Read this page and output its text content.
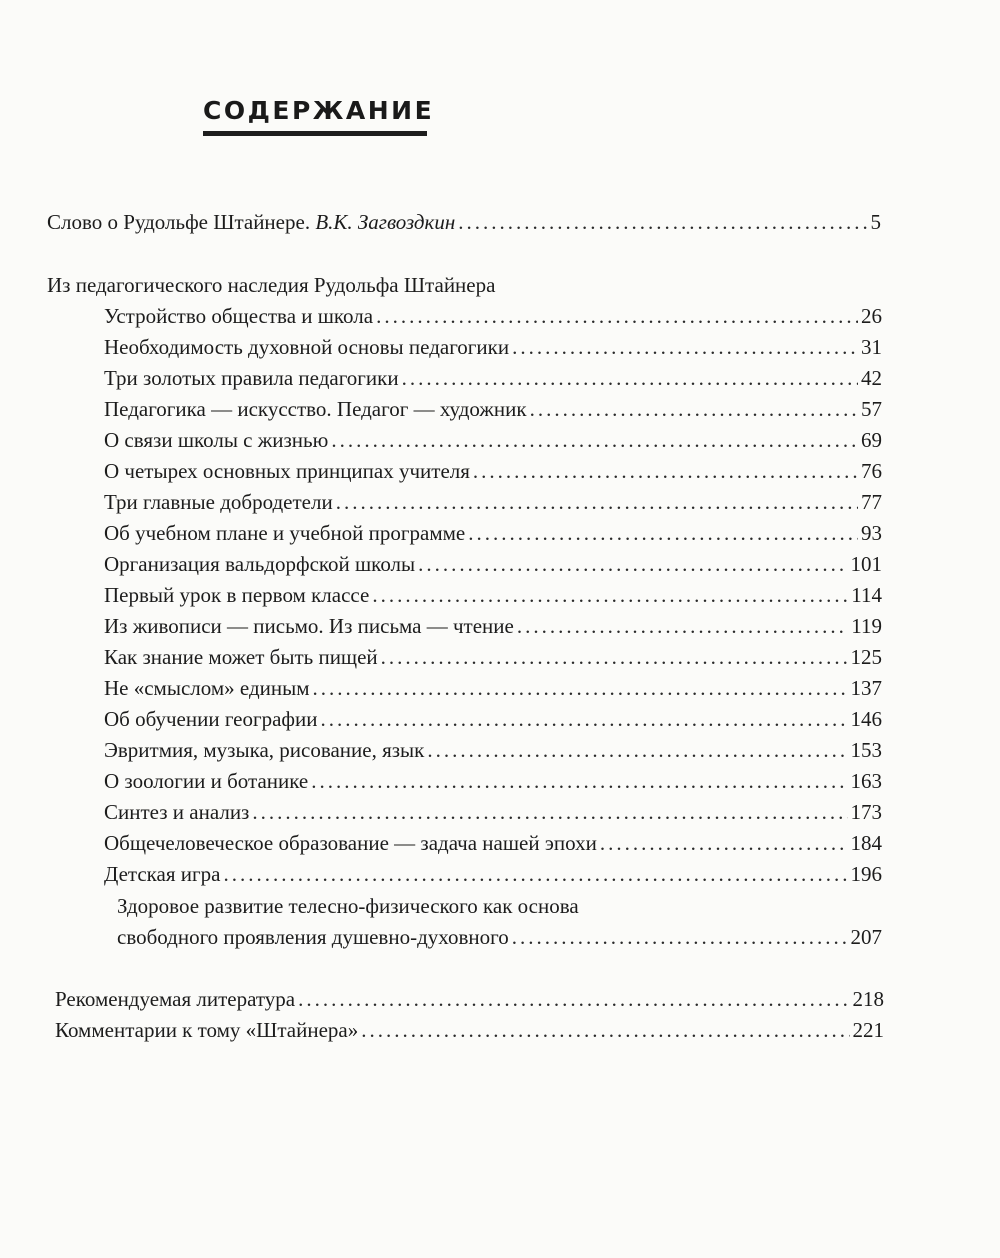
СОДЕРЖАНИЕ
Слово о Рудольфе Штайнере. В.К. Загвоздкин .....	5
Из педагогического наследия Рудольфа Штайнера
Устройство общества и школа .....	26
Необходимость духовной основы педагогики .....	31
Три золотых правила педагогики .....	42
Педагогика — искусство. Педагог — художник .....	57
О связи школы с жизнью .....	69
О четырех основных принципах учителя .....	76
Три главные добродетели .....	77
Об учебном плане и учебной программе .....	93
Организация вальдорфской школы .....	101
Первый урок в первом классе .....	114
Из живописи — письмо. Из письма — чтение .....	119
Как знание может быть пищей .....	125
Не «смыслом» единым .....	137
Об обучении географии .....	146
Эвритмия, музыка, рисование, язык .....	153
О зоологии и ботанике .....	163
Синтез и анализ .....	173
Общечеловеческое образование — задача нашей эпохи .....	184
Детская игра .....	196
Здоровое развитие телесно-физического как основа
свободного проявления душевно-духовного .....	207
Рекомендуемая литература .....	218
Комментарии к тому «Штайнера» .....	221
